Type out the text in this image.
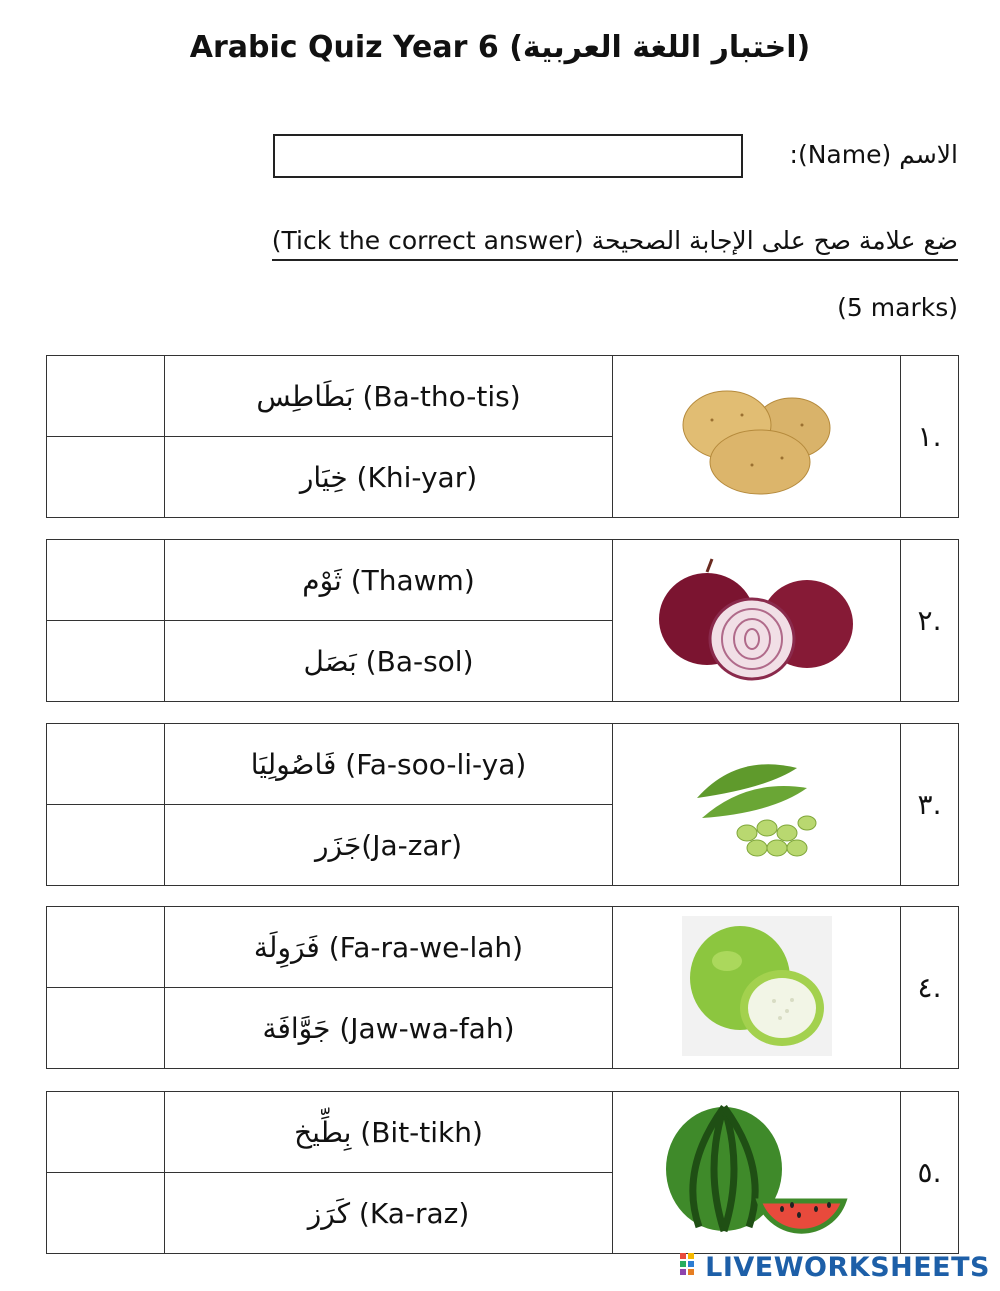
Arabic Quiz Year 6 (اختبار اللغة العربية)
الاسم (Name):
ضع علامة صح على الإجابة الصحيحة (Tick the correct answer)
(5 marks)
	بَطَاطِس (Ba-tho-tis)		١.
	خِيَار (Khi-yar)		
	ثَوْم (Thawm)		٢.
	بَصَل (Ba-sol)		
	فَاصُولِيَا (Fa-soo-li-ya)		٣.
	جَزَر(Ja-zar)		
	فَرَوِلَة (Fa-ra-we-lah)		٤.
	جَوَّافَة (Jaw-wa-fah)		
	بِطِّيخ (Bit-tikh)		٥.
	كَرَز (Ka-raz)		
LIVEWORKSHEETS
